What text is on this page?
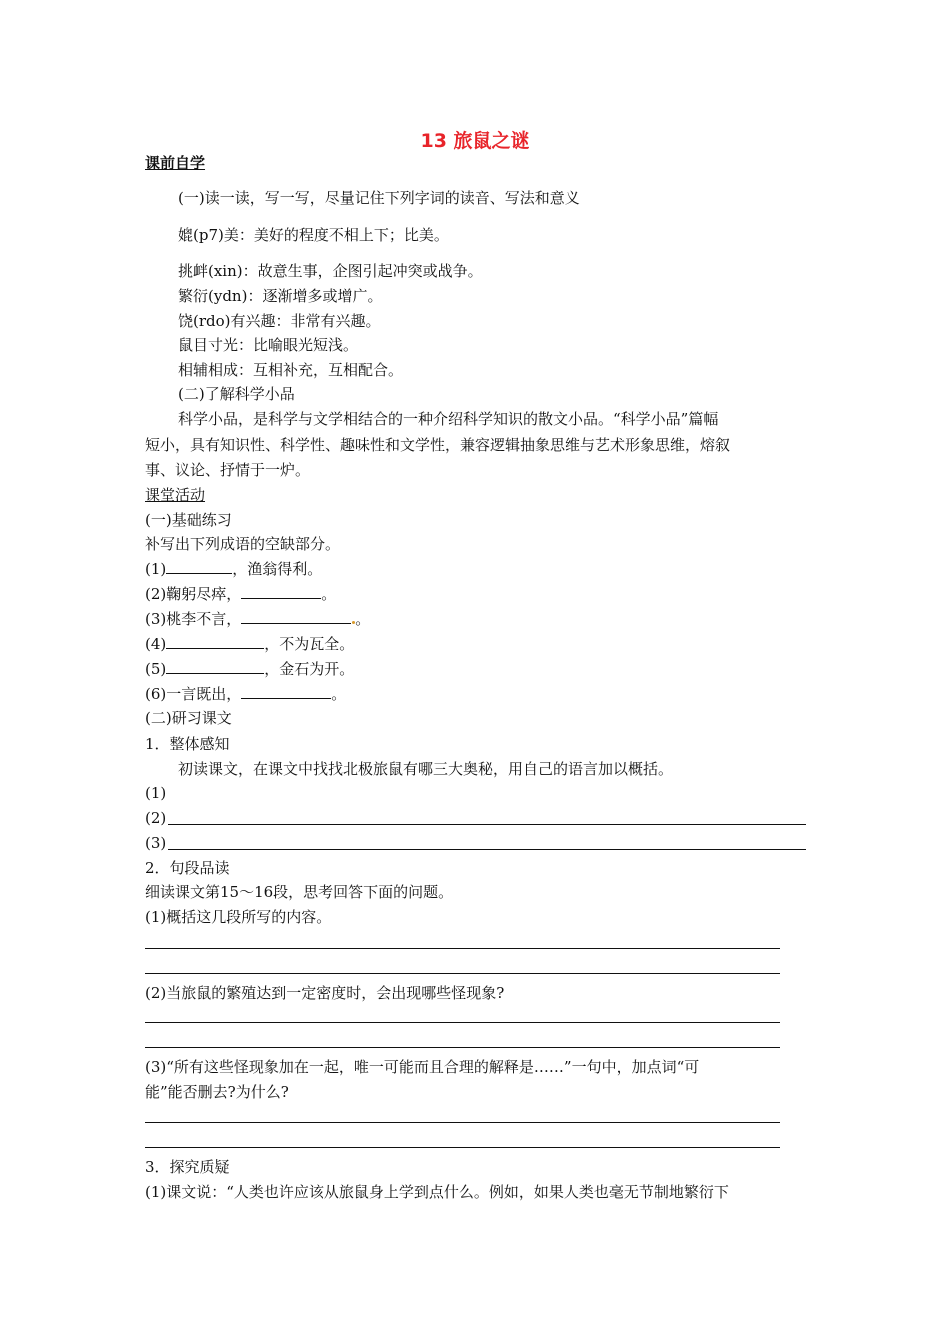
13 旅鼠之谜
课前自学
(一)读一读，写一写，尽量记住下列字词的读音、写法和意义
媲(p7)美：美好的程度不相上下；比美。
挑衅(xin)：故意生事，企图引起冲突或战争。
繁衍(ydn)：逐渐增多或增广。
饶(rdo)有兴趣：非常有兴趣。
鼠目寸光：比喻眼光短浅。
相辅相成：互相补充，互相配合。
(二)了解科学小品
科学小品，是科学与文学相结合的一种介绍科学知识的散文小品。“科学小品”篇幅
短小，具有知识性、科学性、趣味性和文学性，兼容逻辑抽象思维与艺术形象思维，熔叙
事、议论、抒情于一炉。
课堂活动
(一)基础练习
补写出下列成语的空缺部分。
(1)	，渔翁得利。
(2)鞠躬尽瘁，	。
(3)桃李不言，	。
(4)	，不为瓦全。
(5)	，金石为开。
(6)一言既出，	。
(二)研习课文
1．整体感知
初读课文，在课文中找找北极旅鼠有哪三大奥秘，用自己的语言加以概括。
(1)
(2)
(3)
2．句段品读
细读课文第15～16段，思考回答下面的问题。
(1)概括这几段所写的内容。
(2)当旅鼠的繁殖达到一定密度时，会出现哪些怪现象?
(3)“所有这些怪现象加在一起，唯一可能而且合理的解释是……”一句中，加点词“可
能”能否删去?为什么?
3．探究质疑
(1)课文说：“人类也许应该从旅鼠身上学到点什么。例如，如果人类也毫无节制地繁衍下
